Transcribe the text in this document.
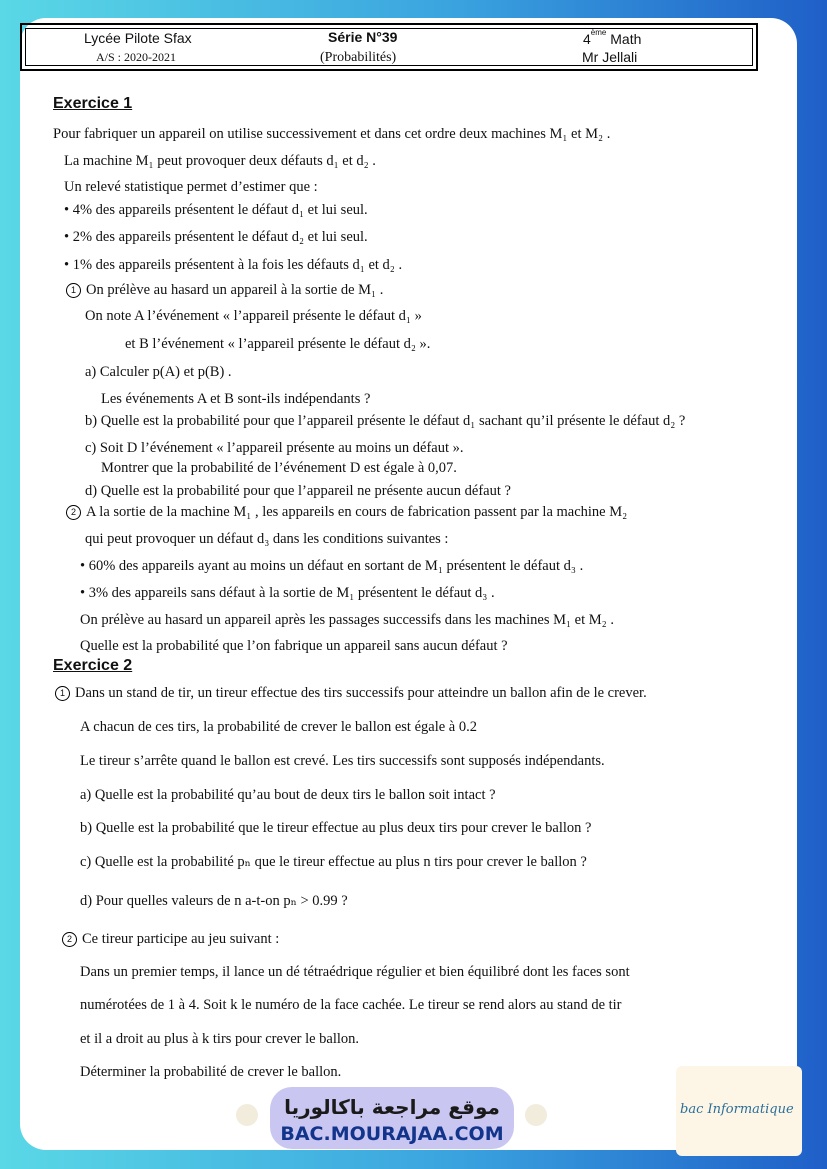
Lycée Pilote Sfax
A/S : 2020-2021
Série N°39
(Probabilités)
4ème Math
Mr Jellali
Exercice 1
Pour fabriquer un appareil on utilise successivement et dans cet ordre deux machines M₁ et M₂ .
La machine M₁ peut provoquer deux défauts d₁ et d₂ .
Un relevé statistique permet d’estimer que :
• 4% des appareils présentent le défaut d₁ et lui seul.
• 2% des appareils présentent le défaut d₂ et lui seul.
• 1% des appareils présentent à la fois les défauts d₁ et d₂ .
1 On prélève au hasard un appareil à la sortie de M₁ .
On note A l’événement « l’appareil présente le défaut d₁ »
et B l’événement « l’appareil présente le défaut d₂ ».
a) Calculer p(A) et p(B) .
Les événements A et B sont-ils indépendants ?
b) Quelle est la probabilité pour que l’appareil présente le défaut d₁ sachant qu’il présente le défaut d₂ ?
c) Soit D l’événement « l’appareil présente au moins un défaut ».
Montrer que la probabilité de l’événement D est égale à 0,07.
d) Quelle est la probabilité pour que l’appareil ne présente aucun défaut ?
2 A la sortie de la machine M₁ , les appareils en cours de fabrication passent par la machine M₂
qui peut provoquer un défaut d₃ dans les conditions suivantes :
• 60% des appareils ayant au moins un défaut en sortant de M₁ présentent le défaut d₃ .
• 3% des appareils sans défaut à la sortie de M₁ présentent le défaut d₃ .
On prélève au hasard un appareil après les passages successifs dans les machines M₁ et M₂ .
Quelle est la probabilité que l’on fabrique un appareil sans aucun défaut ?
Exercice 2
1 Dans un stand de tir, un tireur effectue des tirs successifs pour atteindre un ballon afin de le crever.
A chacun de ces tirs, la probabilité de crever le ballon est égale à 0.2
Le tireur s’arrête quand le ballon est crevé. Les tirs successifs sont supposés indépendants.
a) Quelle est la probabilité qu’au bout de deux tirs le ballon soit intact ?
b) Quelle est la probabilité que le tireur effectue au plus deux tirs pour crever le ballon ?
c) Quelle est la probabilité pₙ que le tireur effectue au plus n tirs pour crever le ballon ?
d) Pour quelles valeurs de n a-t-on pₙ > 0.99 ?
2 Ce tireur participe au jeu suivant :
Dans un premier temps, il lance un dé tétraédrique régulier et bien équilibré dont les faces sont
numérotées de 1 à 4. Soit k le numéro de la face cachée. Le tireur se rend alors au stand de tir
et il a droit au plus à k tirs pour crever le ballon.
Déterminer la probabilité de crever le ballon.
موقع مراجعة باكالوريا
BAC.MOURAJAA.COM
bac Informatique
